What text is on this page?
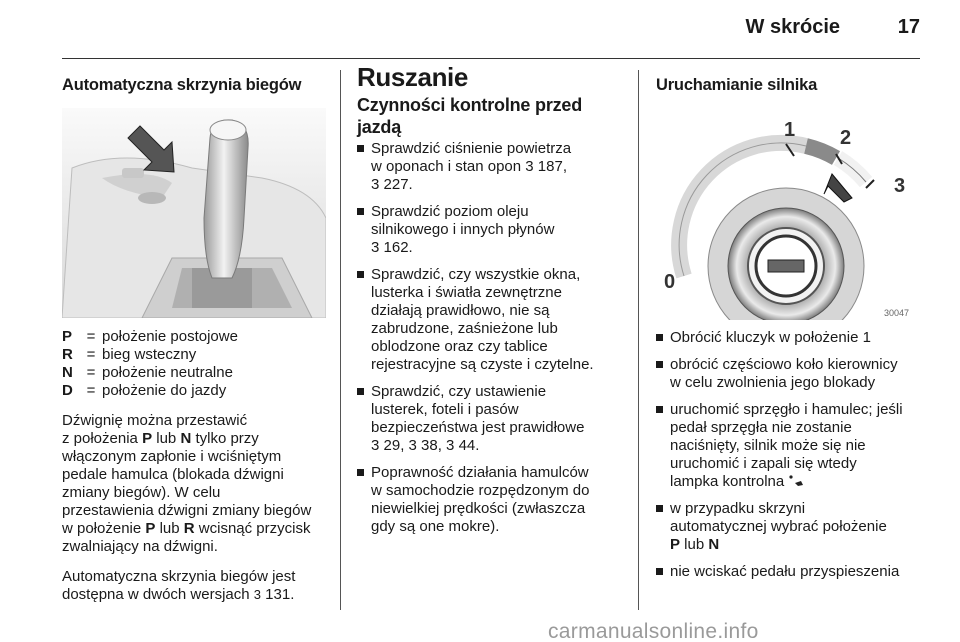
W skrócie	17
Automatyczna skrzynia biegów
P = położenie postojowe
R = bieg wsteczny
N = położenie neutralne
D = położenie do jazdy

Dźwignię można przestawić
z położenia P lub N tylko przy
włączonym zapłonie i wciśniętym
pedale hamulca (blokada dźwigni
zmiany biegów). W celu
przestawienia dźwigni zmiany biegów
w położenie P lub R wcisnąć przycisk
zwalniający na dźwigni.

Automatyczna skrzynia biegów jest
dostępna w dwóch wersjach 3 131.

Ruszanie
Czynności kontrolne przed
jazdą
Sprawdzić ciśnienie powietrza
w oponach i stan opon 3 187,
3 227.
Sprawdzić poziom oleju
silnikowego i innych płynów
3 162.
Sprawdzić, czy wszystkie okna,
lusterka i światła zewnętrzne
działają prawidłowo, nie są
zabrudzone, zaśnieżone lub
oblodzone oraz czy tablice
rejestracyjne są czyste i czytelne.
Sprawdzić, czy ustawienie
lusterek, foteli i pasów
bezpieczeństwa jest prawidłowe
3 29, 3 38, 3 44.
Poprawność działania hamulców
w samochodzie rozpędzonym do
niewielkiej prędkości (zwłaszcza
gdy są one mokre).
Uruchamianie silnika
1 2
3
0
30047
Obrócić kluczyk w położenie 1
obrócić częściowo koło kierownicy
w celu zwolnienia jego blokady
uruchomić sprzęgło i hamulec; jeśli
pedał sprzęgła nie zostanie
naciśnięty, silnik może się nie
uruchomić i zapali się wtedy
lampka kontrolna
w przypadku skrzyni
automatycznej wybrać położenie
P lub N
nie wciskać pedału przyspieszenia
carmanualsonline.info
